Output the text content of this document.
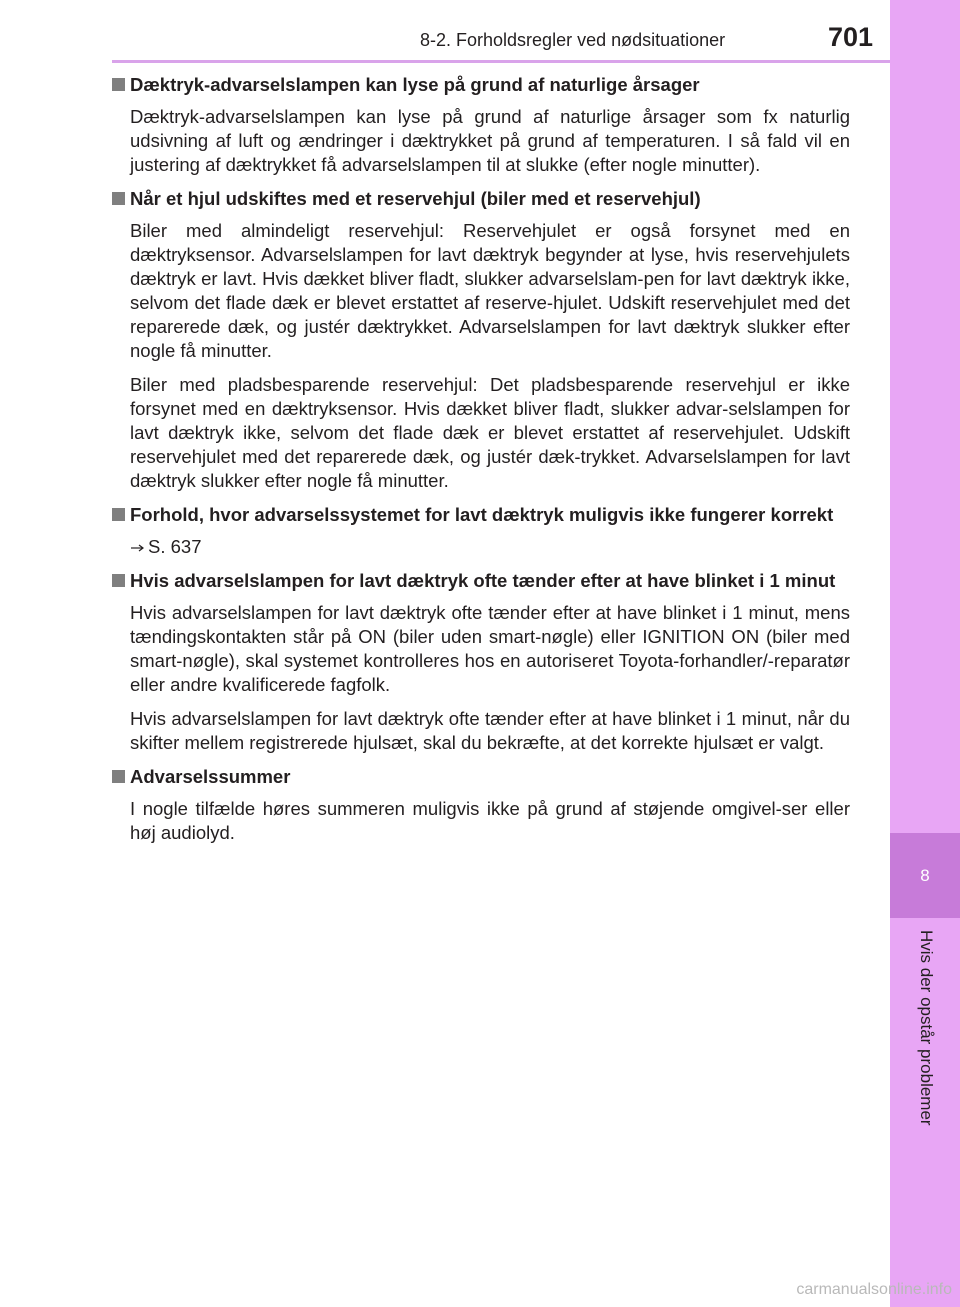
8-2. Forholdsregler ved nødsituationer	701
8
Hvis der opstår problemer
Dæktryk-advarselslampen kan lyse på grund af naturlige årsager
Dæktryk-advarselslampen kan lyse på grund af naturlige årsager som fx naturlig udsivning af luft og ændringer i dæktrykket på grund af temperaturen. I så fald vil en justering af dæktrykket få advarselslampen til at slukke (efter nogle minutter).
Når et hjul udskiftes med et reservehjul (biler med et reservehjul)
Biler med almindeligt reservehjul: Reservehjulet er også forsynet med en dæktryksensor. Advarselslampen for lavt dæktryk begynder at lyse, hvis reservehjulets dæktryk er lavt. Hvis dækket bliver fladt, slukker advarselslam-pen for lavt dæktryk ikke, selvom det flade dæk er blevet erstattet af reserve-hjulet. Udskift reservehjulet med det reparerede dæk, og justér dæktrykket. Advarselslampen for lavt dæktryk slukker efter nogle få minutter.
Biler med pladsbesparende reservehjul: Det pladsbesparende reservehjul er ikke forsynet med en dæktryksensor. Hvis dækket bliver fladt, slukker advar-selslampen for lavt dæktryk ikke, selvom det flade dæk er blevet erstattet af reservehjulet. Udskift reservehjulet med det reparerede dæk, og justér dæk-trykket. Advarselslampen for lavt dæktryk slukker efter nogle få minutter.
Forhold, hvor advarselssystemet for lavt dæktryk muligvis ikke fungerer korrekt
S. 637
Hvis advarselslampen for lavt dæktryk ofte tænder efter at have blinket i 1 minut
Hvis advarselslampen for lavt dæktryk ofte tænder efter at have blinket i 1 minut, mens tændingskontakten står på ON (biler uden smart-nøgle) eller IGNITION ON (biler med smart-nøgle), skal systemet kontrolleres hos en autoriseret Toyota-forhandler/-reparatør eller andre kvalificerede fagfolk.
Hvis advarselslampen for lavt dæktryk ofte tænder efter at have blinket i 1 minut, når du skifter mellem registrerede hjulsæt, skal du bekræfte, at det korrekte hjulsæt er valgt.
Advarselssummer
I nogle tilfælde høres summeren muligvis ikke på grund af støjende omgivel-ser eller høj audiolyd.
carmanualsonline.info
